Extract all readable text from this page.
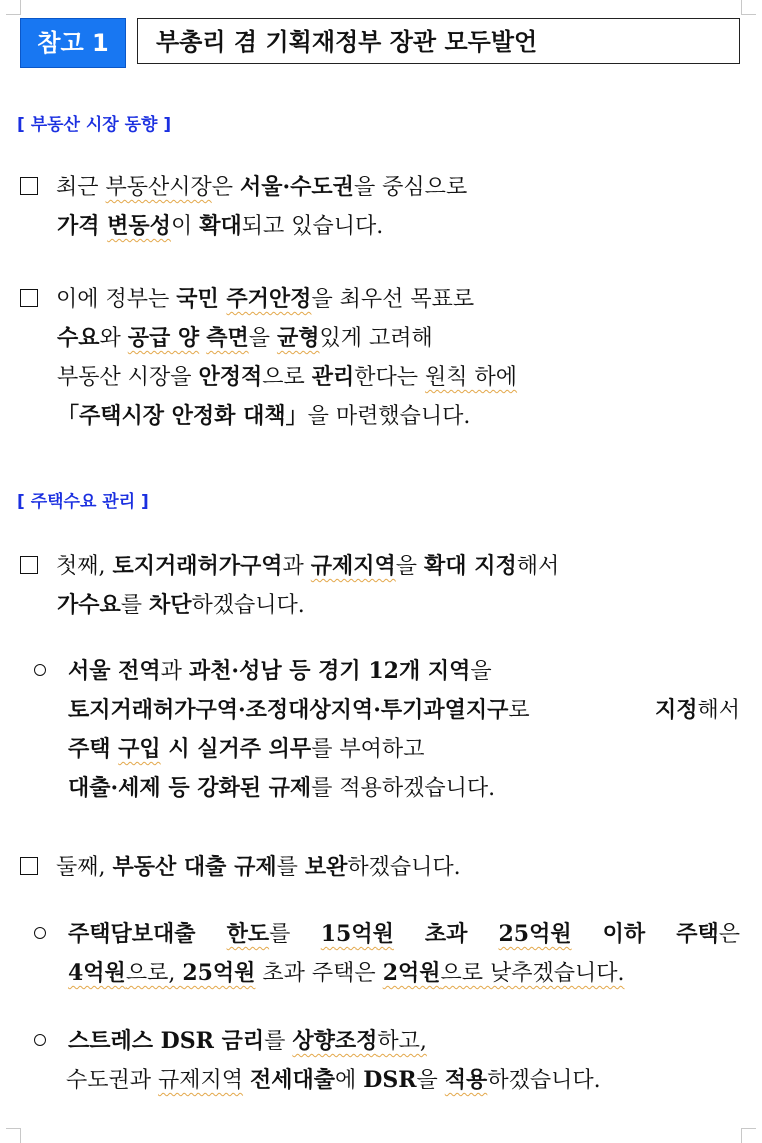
참고 1	부총리 겸 기획재정부 장관 모두발언
[ 부동산 시장 동향 ]
최근 부동산시장은 서울·수도권을 중심으로
가격 변동성이 확대되고 있습니다.
이에 정부는 국민 주거안정을 최우선 목표로
수요와 공급 양 측면을 균형있게 고려해
부동산 시장을 안정적으로 관리한다는 원칙 하에
「주택시장 안정화 대책」을 마련했습니다.
[ 주택수요 관리 ]
첫째, 토지거래허가구역과 규제지역을 확대 지정해서
가수요를 차단하겠습니다.
서울 전역과 과천·성남 등 경기 12개 지역을
토지거래허가구역·조정대상지역·투기과열지구로 지정해서
주택 구입 시 실거주 의무를 부여하고
대출·세제 등 강화된 규제를 적용하겠습니다.
둘째, 부동산 대출 규제를 보완하겠습니다.
주택담보대출 한도를 15억원 초과 25억원 이하 주택은
4억원으로, 25억원 초과 주택은 2억원으로 낮추겠습니다.
스트레스 DSR 금리를 상향조정하고,
수도권과 규제지역 전세대출에 DSR을 적용하겠습니다.
